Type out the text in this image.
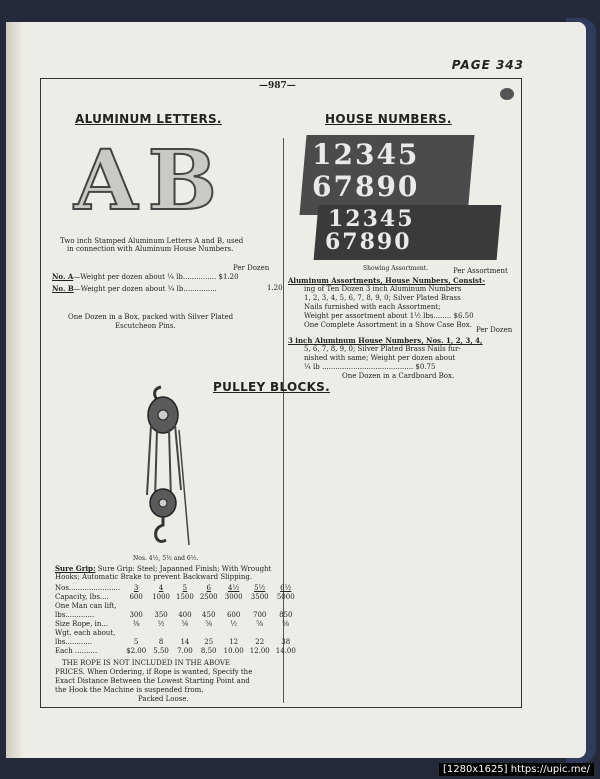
PAGE 343
—987—
ALUMINUM LETTERS.
AB
Two inch Stamped Aluminum Letters A and B, used
in connection with Aluminum House Numbers.
Per Dozen
No. A—Weight per dozen about ¼ lb............... $1.20
No. B—Weight per dozen about ¼ lb...............	1.20
One Dozen in a Box, packed with Silver Plated
Escutcheon Pins.
HOUSE NUMBERS.
12345
67890
12345
67890
Showing Assortment.	Per Assortment
Aluminum Assortments, House Numbers, Consist-
ing of Ten Dozen 3 inch Aluminum Numbers
1, 2, 3, 4, 5, 6, 7, 8, 9, 0; Silver Plated Brass
Nails furnished with each Assortment;
Weight per assortment about 1½ lbs........ $6.50
One Complete Assortment in a Show Case Box.
Per Dozen
3 inch Aluminum House Numbers, Nos. 1, 2, 3, 4,
5, 6, 7, 8, 9, 0; Silver Plated Brass Nails fur-
nished with same; Weight per dozen about
¼ lb ......................................... $0.75
One Dozen in a Cardboard Box.
PULLEY BLOCKS.
Nos. 4½, 5½ and 6½.
Sure Grip: Sure Grip: Steel; Japanned Finish; With Wrought
Hooks; Automatic Brake to prevent Backward Slipping.
Nos.......................	3	4	5	6	4½	5½	6½
Capacity, lbs....	600	1000	1500	2500	3000	3500	5000
One Man can lift,							
lbs.............	300	350	400	450	600	700	850
Size Rope, in...	⅜	½	⅝	⅝	½	⅝	⅝
Wgt. each about,							
lbs............	5	8	14	25	12	22	38
Each ..........	$2.00	5.50	7.00	8.50	10.00	12.00	14.00
THE ROPE IS NOT INCLUDED IN THE ABOVE
PRICES. When Ordering, if Rope is wanted, Specify the
Exact Distance Between the Lowest Starting Point and
the Hook the Machine is suspended from.
Packed Loose.
[1280x1625] https://upic.me/
